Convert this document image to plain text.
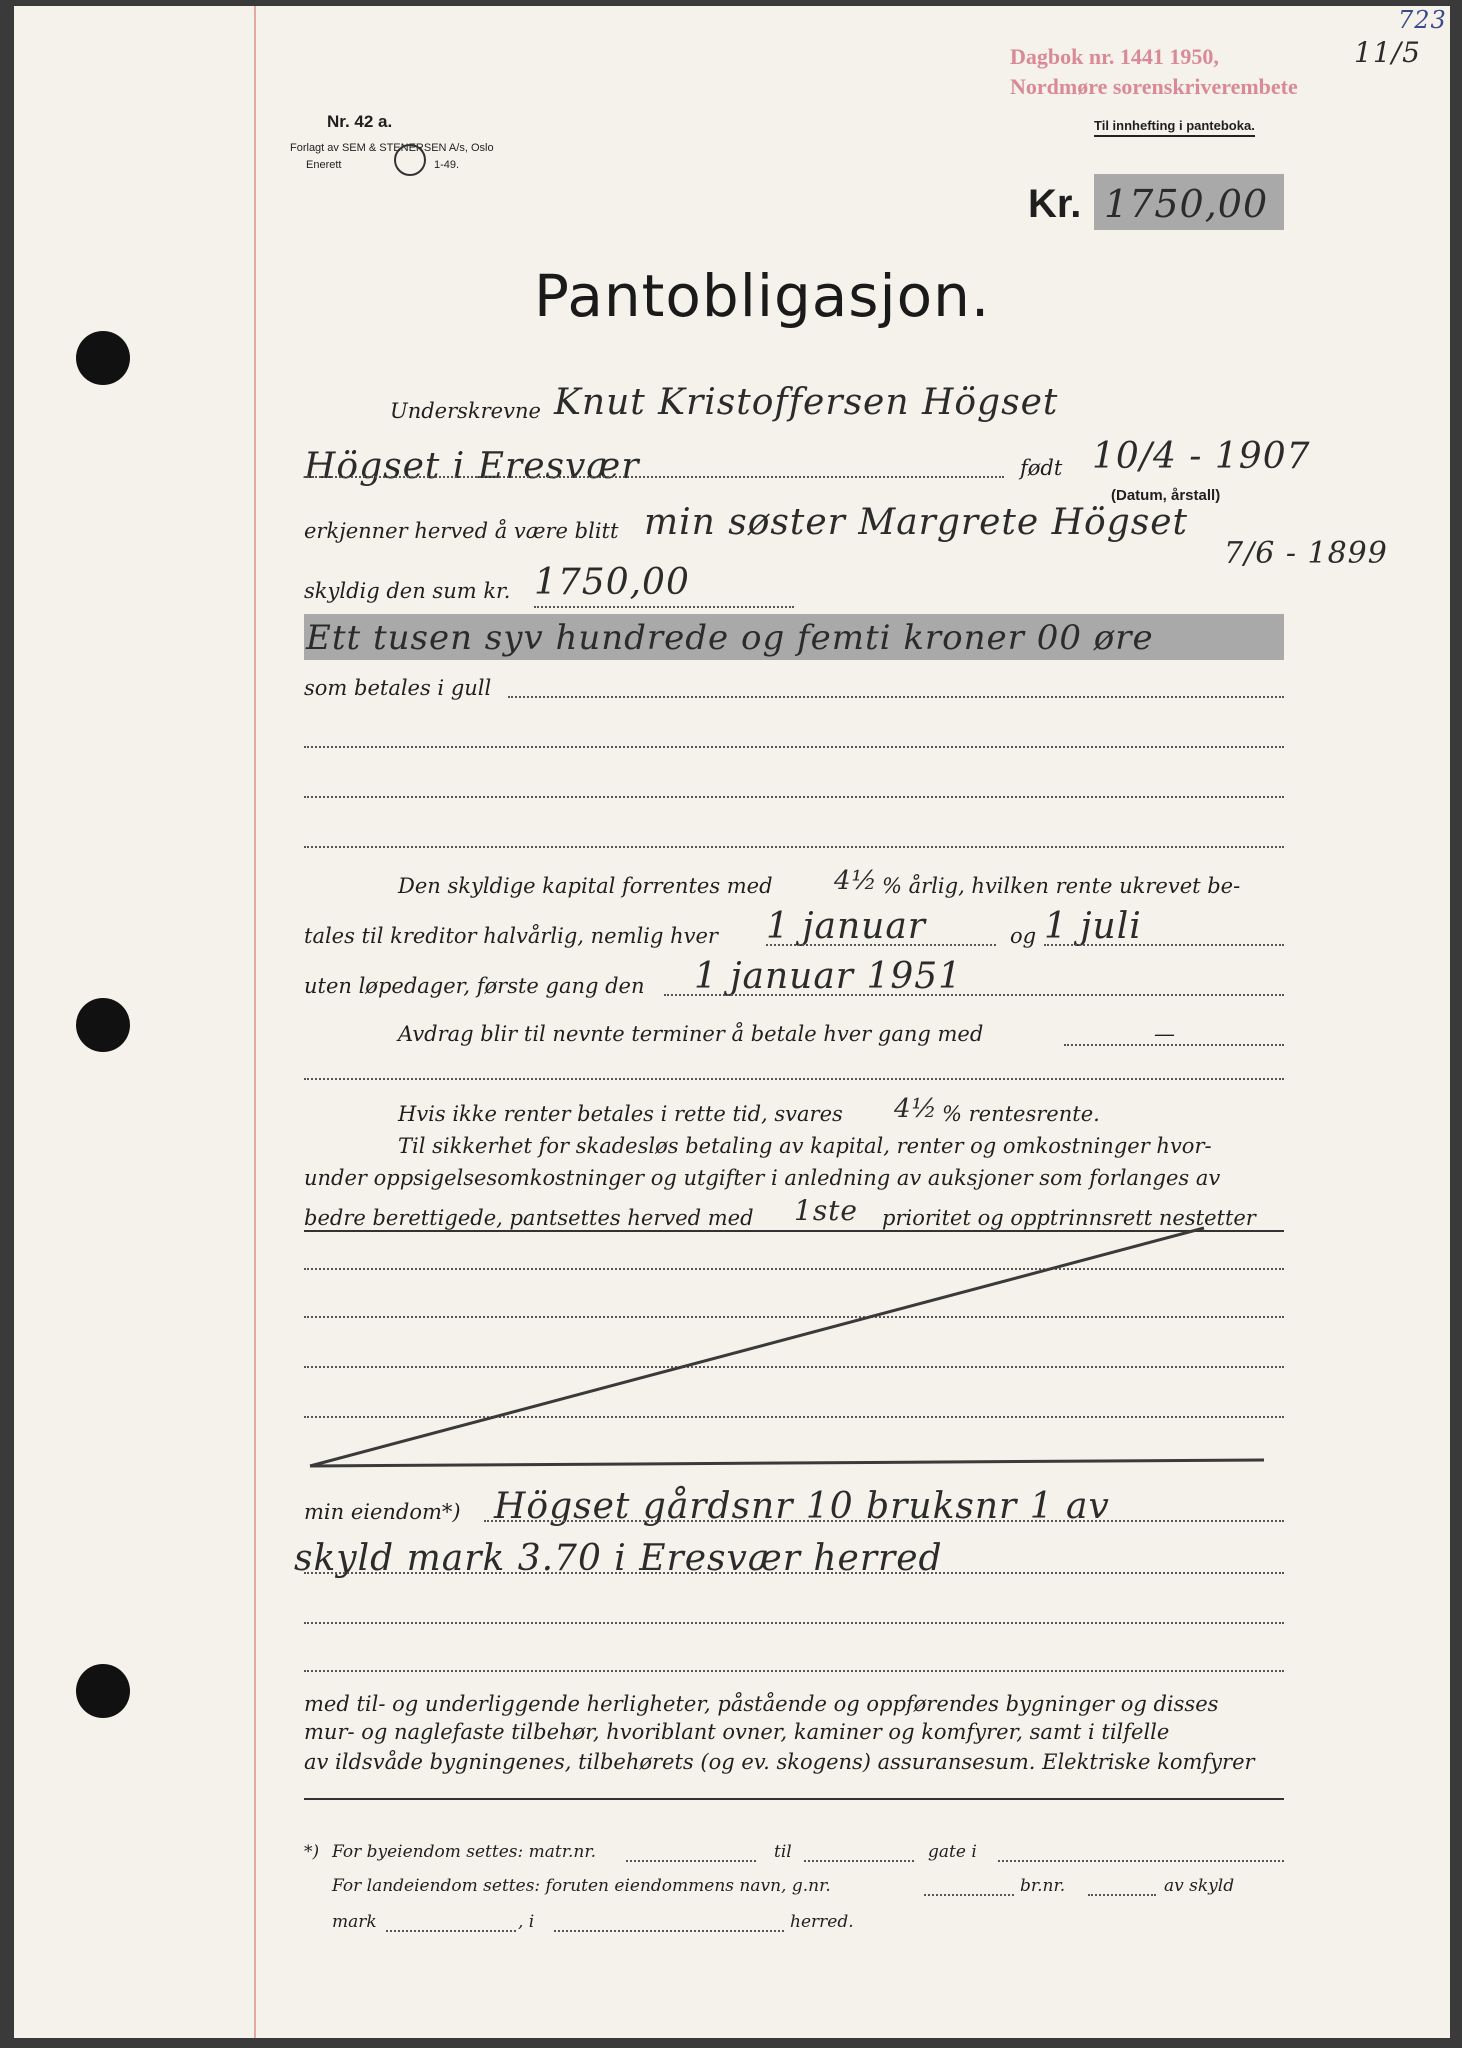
Nr. 42 a.
Forlagt av SEM & STENERSEN A/s, Oslo
Enerett	1-49.
Dagbok nr. 1441 1950,
Nordmøre sorenskriverembete
11/5
723
Til innhefting i panteboka.
Kr. 1750,00
Pantobligasjon.
Underskrevne Knut Kristoffersen Högset
Högset i Eresvær	født 10/4 - 1907
(Datum, årstall)
erkjenner herved å være blitt min søster Margrete Högset
7/6 - 1899
skyldig den sum kr. 1750,00
Ett tusen syv hundrede og femti kroner 00 øre
som betales i gull
Den skyldige kapital forrentes med 4½ % årlig, hvilken rente ukrevet be-
tales til kreditor halvårlig, nemlig hver 1 januar	og 1 juli
uten løpedager, første gang den 1 januar 1951
Avdrag blir til nevnte terminer å betale hver gang med	—
Hvis ikke renter betales i rette tid, svares 4½ % rentesrente.
Til sikkerhet for skadesløs betaling av kapital, renter og omkostninger hvor-
under oppsigelsesomkostninger og utgifter i anledning av auksjoner som forlanges av
bedre berettigede, pantsettes herved med 1ste prioritet og opptrinnsrett nestetter
min eiendom*) Högset gårdsnr 10 bruksnr 1 av
skyld mark 3.70 i Eresvær herred
med til- og underliggende herligheter, påstående og oppførendes bygninger og disses
mur- og naglefaste tilbehør, hvoriblant ovner, kaminer og komfyrer, samt i tilfelle
av ildsvåde bygningenes, tilbehørets (og ev. skogens) assuransesum. Elektriske komfyrer
*) For byeiendom settes: matr.nr.	til	gate i
For landeiendom settes: foruten eiendommens navn, g.nr.	br.nr.	av skyld
mark	, i	herred.
